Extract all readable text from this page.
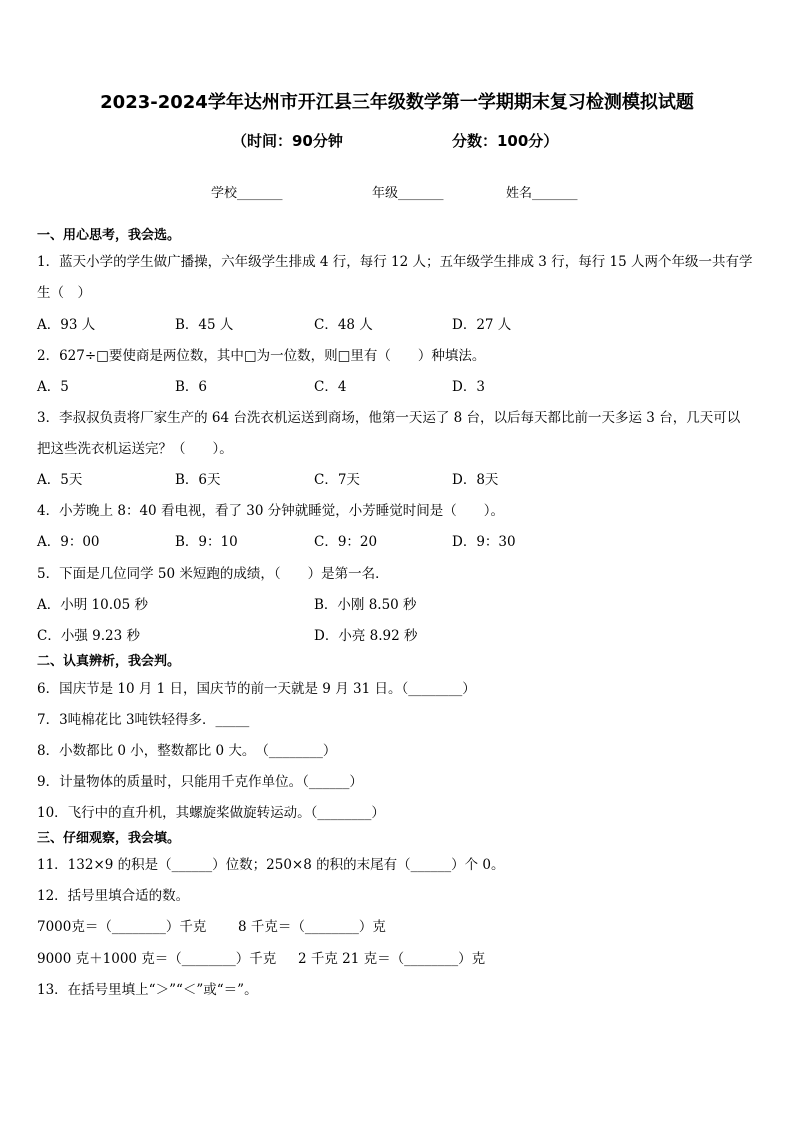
2023-2024学年达州市开江县三年级数学第一学期期末复习检测模拟试题
（时间：90分钟	分数：100分）
学校_______	年级_______	姓名_______
一、用心思考，我会选。
1．蓝天小学的学生做广播操，六年级学生排成 4 行，每行 12 人；五年级学生排成 3 行，每行 15 人两个年级一共有学
生（　）
A．93 人	B．45 人	C．48 人	D．27 人
2．627÷□要使商是两位数，其中□为一位数，则□里有（　　）种填法。
A．5	B．6	C．4	D．3
3．李叔叔负责将厂家生产的 64 台洗衣机运送到商场，他第一天运了 8 台，以后每天都比前一天多运 3 台，几天可以
把这些洗衣机运送完？（　　）。
A．5天	B．6天	C．7天	D．8天
4．小芳晚上 8：40 看电视，看了 30 分钟就睡觉，小芳睡觉时间是（　　）。
A．9：00	B．9：10	C．9：20	D．9：30
5．下面是几位同学 50 米短跑的成绩，（　　）是第一名．
A．小明 10.05 秒	B．小刚 8.50 秒
C．小强 9.23 秒	D．小亮 8.92 秒
二、认真辨析，我会判。
6．国庆节是 10 月 1 日，国庆节的前一天就是 9 月 31 日。（________）
7．3吨棉花比 3吨铁轻得多．_____
8．小数都比 0 小，整数都比 0 大。　（________）
9．计量物体的质量时，只能用千克作单位。（______）
10．飞行中的直升机，其螺旋桨做旋转运动。（________）
三、仔细观察，我会填。
11．132×9 的积是（______）位数；250×8 的积的末尾有（______）个 0。
12．括号里填合适的数。
7000克＝（________）千克 8 千克＝（________）克
9000 克＋1000 克＝（________）千克 2 千克 21 克＝（________）克
13．在括号里填上“＞”“＜”或“＝”。
